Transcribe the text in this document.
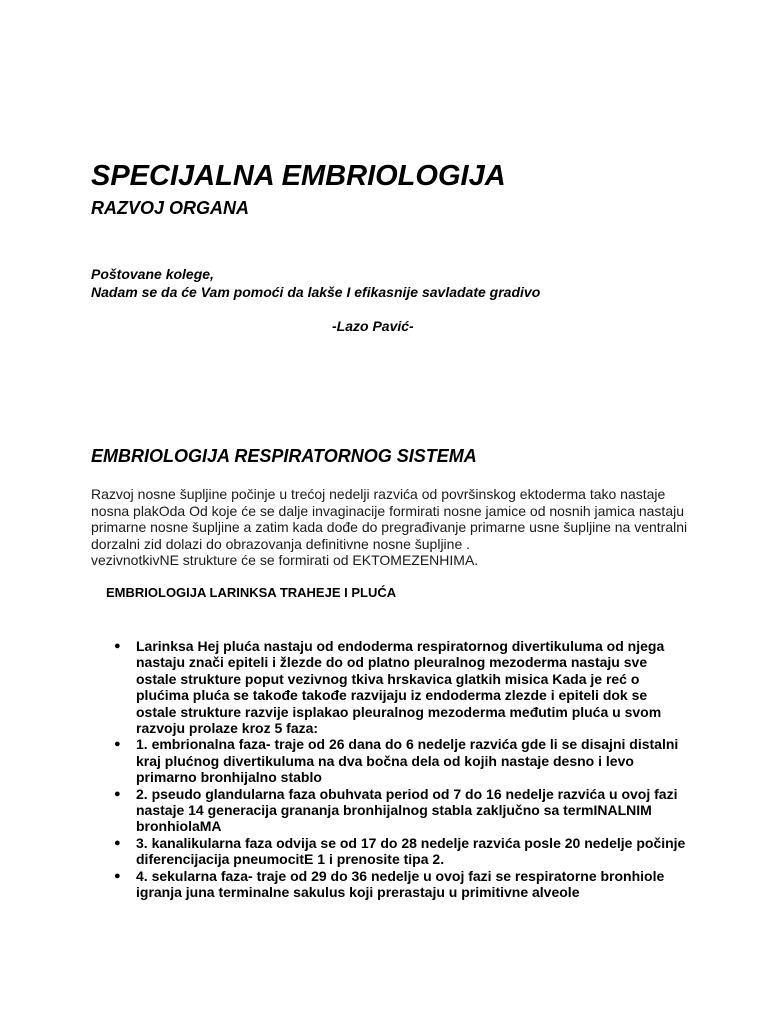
SPECIJALNA EMBRIOLOGIJA
RAZVOJ ORGANA
Poštovane kolege,
Nadam se da će Vam pomoći da lakše I efikasnije savladate gradivo
-Lazo Pavić-
EMBRIOLOGIJA RESPIRATORNOG SISTEMA

Razvoj nosne šupljine počinje u trećoj nedelji razvića od površinskog ektoderma tako nastaje nosna plakOda Od koje će se dalje invaginacije formirati nosne jamice od nosnih jamica nastaju primarne nosne šupljine a zatim kada dođe do pregrađivanje primarne usne šupljine na ventralni dorzalni zid dolazi do obrazovanja definitivne nosne šupljine .

vezivnotkivNE strukture će se formirati od EKTOMEZENHIMA.

EMBRIOLOGIJA LARINKSA TRAHEJE I PLUĆA
● Larinksa Hej pluća nastaju od endoderma respiratornog divertikuluma od njega nastaju znači epiteli i žlezde do od platno pleuralnog mezoderma nastaju sve ostale strukture poput vezivnog tkiva hrskavica glatkih misica Kada je reć o plućima pluća se takođe takođe razvijaju iz endoderma zlezde i epiteli dok se ostale strukture razvije isplakao pleuralnog mezoderma međutim pluća u svom razvoju prolaze kroz 5 faza:
● 1. embrionalna faza- traje od 26 dana do 6 nedelje razvića gde li se disajni distalni kraj plućnog divertikuluma na dva bočna dela od kojih nastaje desno i levo primarno bronhijalno stablo
● 2. pseudo glandularna faza obuhvata period od 7 do 16 nedelje razvića u ovoj fazi nastaje 14 generacija grananja bronhijalnog stabla zaključno sa termINALNIM bronhiolaMA
● 3. kanalikularna faza odvija se od 17 do 28 nedelje razvića posle 20 nedelje počinje diferencijacija pneumocitE 1 i prenosite tipa 2.
● 4. sekularna faza- traje od 29 do 36 nedelje u ovoj fazi se respiratorne bronhiole igranja juna terminalne sakulus koji prerastaju u primitivne alveole
